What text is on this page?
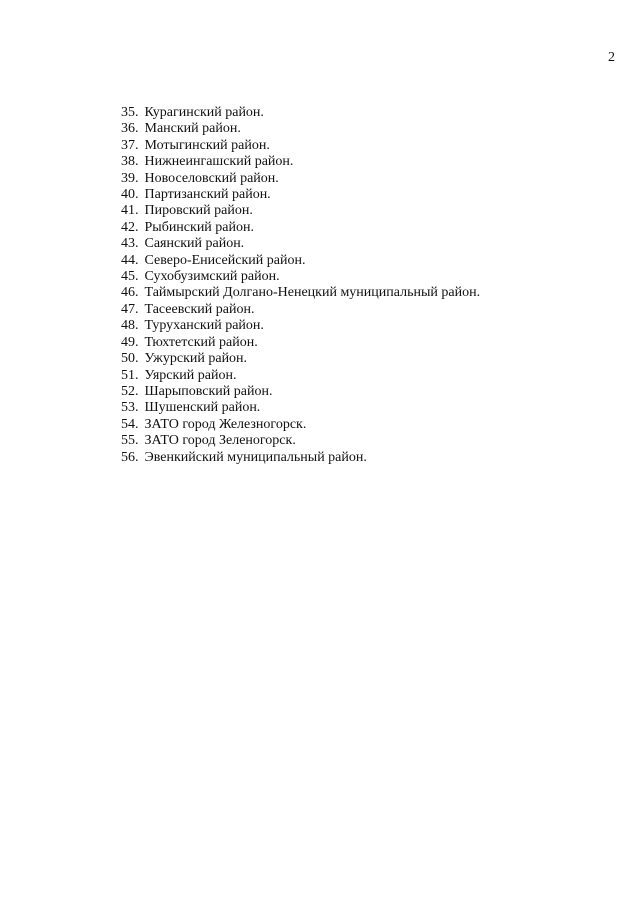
2
35. Курагинский район.
36. Манский район.
37. Мотыгинский район.
38. Нижнеингашский район.
39. Новоселовский район.
40. Партизанский район.
41. Пировский район.
42. Рыбинский район.
43. Саянский район.
44. Северо-Енисейский район.
45. Сухобузимский район.
46. Таймырский Долгано-Ненецкий муниципальный район.
47. Тасеевский район.
48. Туруханский район.
49. Тюхтетский район.
50. Ужурский район.
51. Уярский район.
52. Шарыповский район.
53. Шушенский район.
54. ЗАТО город Железногорск.
55. ЗАТО город Зеленогорск.
56. Эвенкийский муниципальный район.
